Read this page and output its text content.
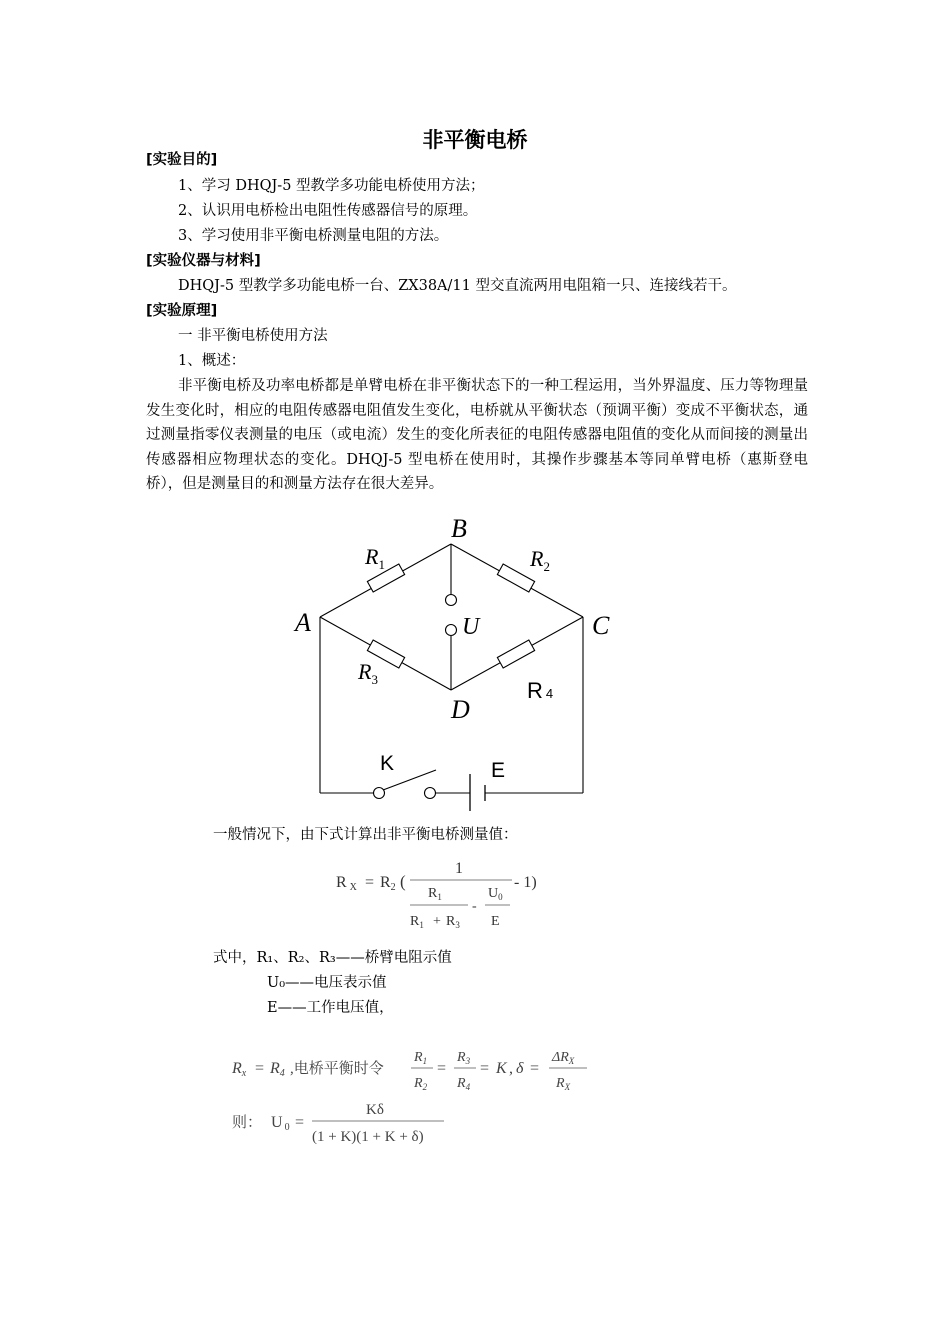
非平衡电桥
[实验目的]
1、学习 DHQJ-5 型教学多功能电桥使用方法；
2、认识用电桥检出电阻性传感器信号的原理。
3、学习使用非平衡电桥测量电阻的方法。
[实验仪器与材料]
DHQJ-5 型教学多功能电桥一台、ZX38A/11 型交直流两用电阻箱一只、连接线若干。
[实验原理]
一 非平衡电桥使用方法
1、概述：
非平衡电桥及功率电桥都是单臂电桥在非平衡状态下的一种工程运用，当外界温度、压力等物理量发生变化时，相应的电阻传感器电阻值发生变化，电桥就从平衡状态（预调平衡）变成不平衡状态，通过测量指零仪表测量的电压（或电流）发生的变化所表征的电阻传感器电阻值的变化从而间接的测量出传感器相应物理状态的变化。DHQJ-5 型电桥在使用时，其操作步骤基本等同单臂电桥（惠斯登电桥），但是测量目的和测量方法存在很大差异。
A
B
C
D
$R_1$	$R_2$
$R_3$	R 4
U
K	E
一般情况下，由下式计算出非平衡电桥测量值：
R X = R2 (
1
$R_1$
$R_1 + R_3$
-
$U_0$
E
- 1)
式中，R₁、R₂、R₃——桥臂电阻示值
U₀——电压表示值
E——工作电压值，
Rx = R4 ,电桥平衡时令
$R_1$
$R_2$
=
$R_3$
$R_4$
= K , δ =
$\Delta R_X$
$R_X$
则： U 0 =
Kδ
(1 + K)(1 + K + δ)
